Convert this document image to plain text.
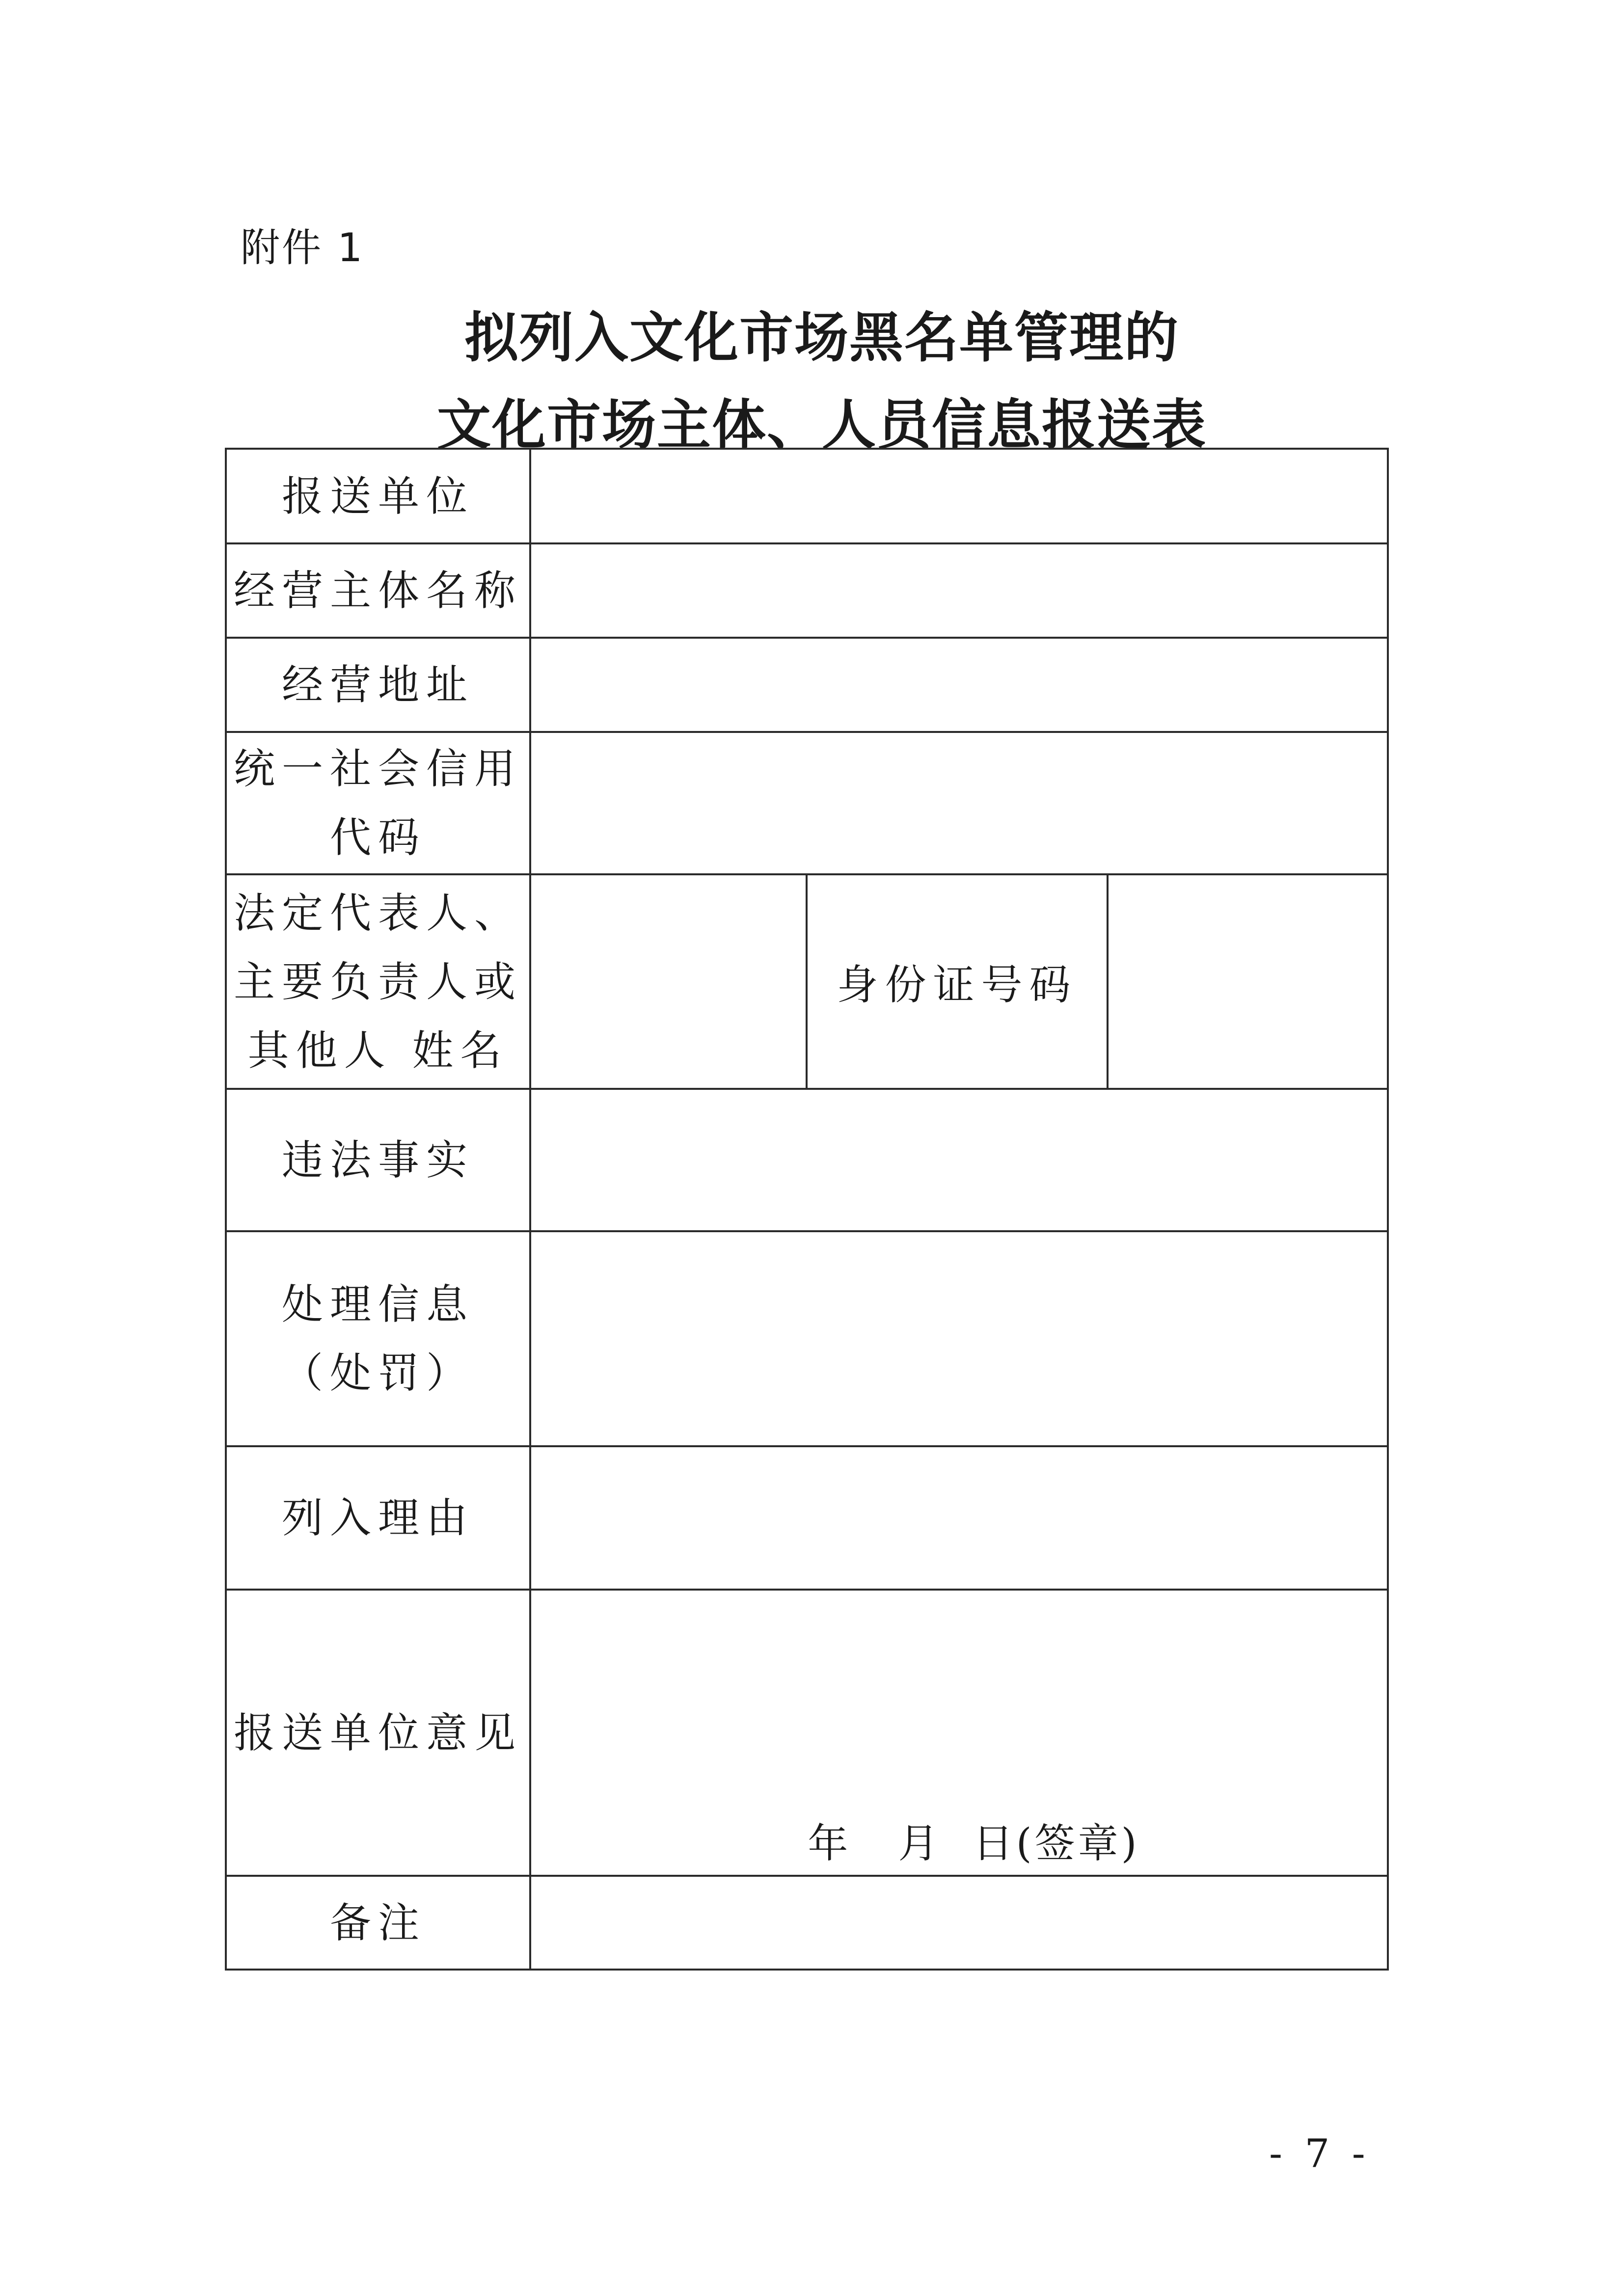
附件 1
拟列入文化市场黑名单管理的
文化市场主体、人员信息报送表
报送单位			
经营主体名称			
经营地址			
统一社会信用
代码			
法定代表人、
主要负责人或
其他人 姓名		身份证号码	
违法事实			
处理信息
（处罚）			
列入理由			
报送单位意见	年   月  日(签章)		

备注			
- 7 -
